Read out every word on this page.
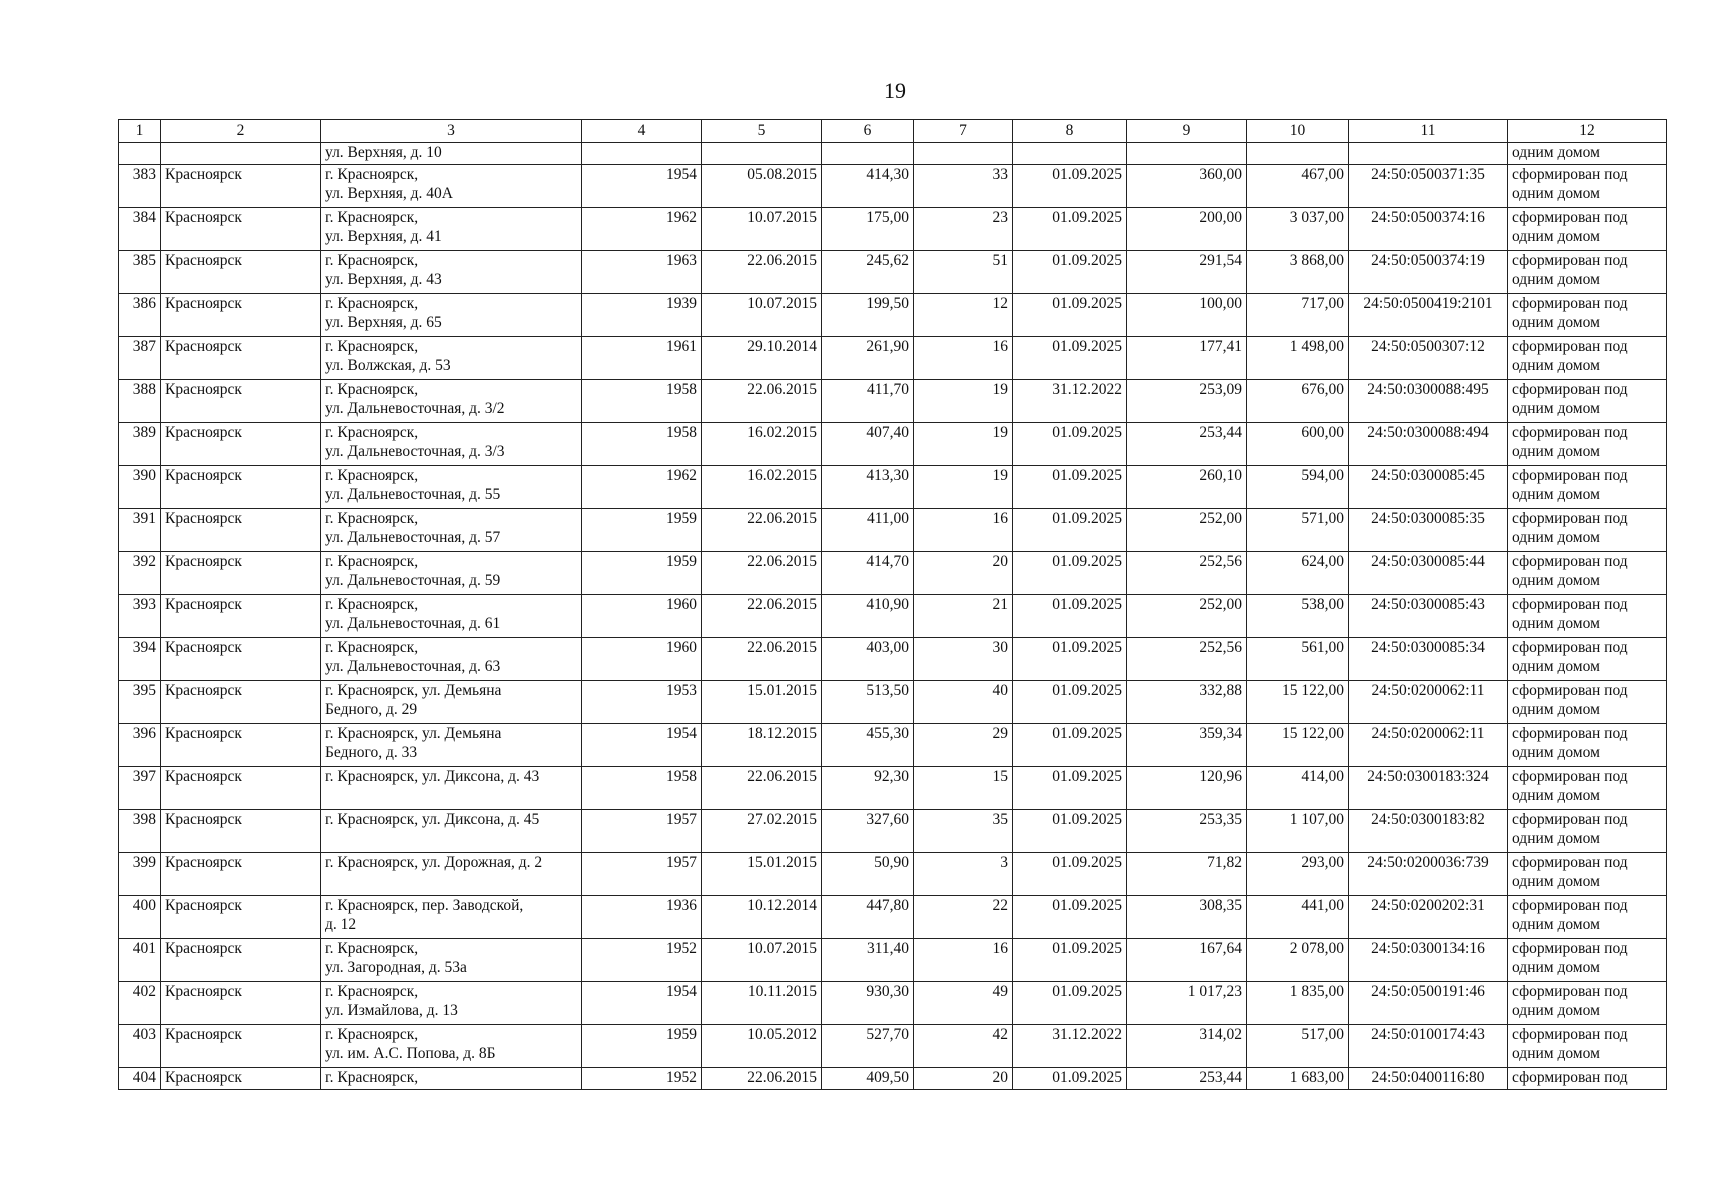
19
1	2	3	4	5	6	7	8	9	10	11	12

		ул. Верхняя, д. 10									одним домом

383	Красноярск	г. Красноярск,
ул. Верхняя, д. 40А	1954	05.08.2015	414,30	33	01.09.2025	360,00	467,00	24:50:0500371:35	сформирован под
одним домом

384	Красноярск	г. Красноярск,
ул. Верхняя, д. 41	1962	10.07.2015	175,00	23	01.09.2025	200,00	3 037,00	24:50:0500374:16	сформирован под
одним домом

385	Красноярск	г. Красноярск,
ул. Верхняя, д. 43	1963	22.06.2015	245,62	51	01.09.2025	291,54	3 868,00	24:50:0500374:19	сформирован под
одним домом

386	Красноярск	г. Красноярск,
ул. Верхняя, д. 65	1939	10.07.2015	199,50	12	01.09.2025	100,00	717,00	24:50:0500419:2101	сформирован под
одним домом

387	Красноярск	г. Красноярск,
ул. Волжская, д. 53	1961	29.10.2014	261,90	16	01.09.2025	177,41	1 498,00	24:50:0500307:12	сформирован под
одним домом

388	Красноярск	г. Красноярск,
ул. Дальневосточная, д. 3/2	1958	22.06.2015	411,70	19	31.12.2022	253,09	676,00	24:50:0300088:495	сформирован под
одним домом

389	Красноярск	г. Красноярск,
ул. Дальневосточная, д. 3/3	1958	16.02.2015	407,40	19	01.09.2025	253,44	600,00	24:50:0300088:494	сформирован под
одним домом

390	Красноярск	г. Красноярск,
ул. Дальневосточная, д. 55	1962	16.02.2015	413,30	19	01.09.2025	260,10	594,00	24:50:0300085:45	сформирован под
одним домом

391	Красноярск	г. Красноярск,
ул. Дальневосточная, д. 57	1959	22.06.2015	411,00	16	01.09.2025	252,00	571,00	24:50:0300085:35	сформирован под
одним домом

392	Красноярск	г. Красноярск,
ул. Дальневосточная, д. 59	1959	22.06.2015	414,70	20	01.09.2025	252,56	624,00	24:50:0300085:44	сформирован под
одним домом

393	Красноярск	г. Красноярск,
ул. Дальневосточная, д. 61	1960	22.06.2015	410,90	21	01.09.2025	252,00	538,00	24:50:0300085:43	сформирован под
одним домом

394	Красноярск	г. Красноярск,
ул. Дальневосточная, д. 63	1960	22.06.2015	403,00	30	01.09.2025	252,56	561,00	24:50:0300085:34	сформирован под
одним домом

395	Красноярск	г. Красноярск, ул. Демьяна
Бедного, д. 29	1953	15.01.2015	513,50	40	01.09.2025	332,88	15 122,00	24:50:0200062:11	сформирован под
одним домом

396	Красноярск	г. Красноярск, ул. Демьяна
Бедного, д. 33	1954	18.12.2015	455,30	29	01.09.2025	359,34	15 122,00	24:50:0200062:11	сформирован под
одним домом

397	Красноярск	г. Красноярск, ул. Диксона, д. 43	1958	22.06.2015	92,30	15	01.09.2025	120,96	414,00	24:50:0300183:324	сформирован под
одним домом

398	Красноярск	г. Красноярск, ул. Диксона, д. 45	1957	27.02.2015	327,60	35	01.09.2025	253,35	1 107,00	24:50:0300183:82	сформирован под
одним домом

399	Красноярск	г. Красноярск, ул. Дорожная, д. 2	1957	15.01.2015	50,90	3	01.09.2025	71,82	293,00	24:50:0200036:739	сформирован под
одним домом

400	Красноярск	г. Красноярск, пер. Заводской,
д. 12	1936	10.12.2014	447,80	22	01.09.2025	308,35	441,00	24:50:0200202:31	сформирован под
одним домом

401	Красноярск	г. Красноярск,
ул. Загородная, д. 53а	1952	10.07.2015	311,40	16	01.09.2025	167,64	2 078,00	24:50:0300134:16	сформирован под
одним домом

402	Красноярск	г. Красноярск,
ул. Измайлова, д. 13	1954	10.11.2015	930,30	49	01.09.2025	1 017,23	1 835,00	24:50:0500191:46	сформирован под
одним домом

403	Красноярск	г. Красноярск,
ул. им. А.С. Попова, д. 8Б	1959	10.05.2012	527,70	42	31.12.2022	314,02	517,00	24:50:0100174:43	сформирован под
одним домом

404	Красноярск	г. Красноярск,	1952	22.06.2015	409,50	20	01.09.2025	253,44	1 683,00	24:50:0400116:80	сформирован под
